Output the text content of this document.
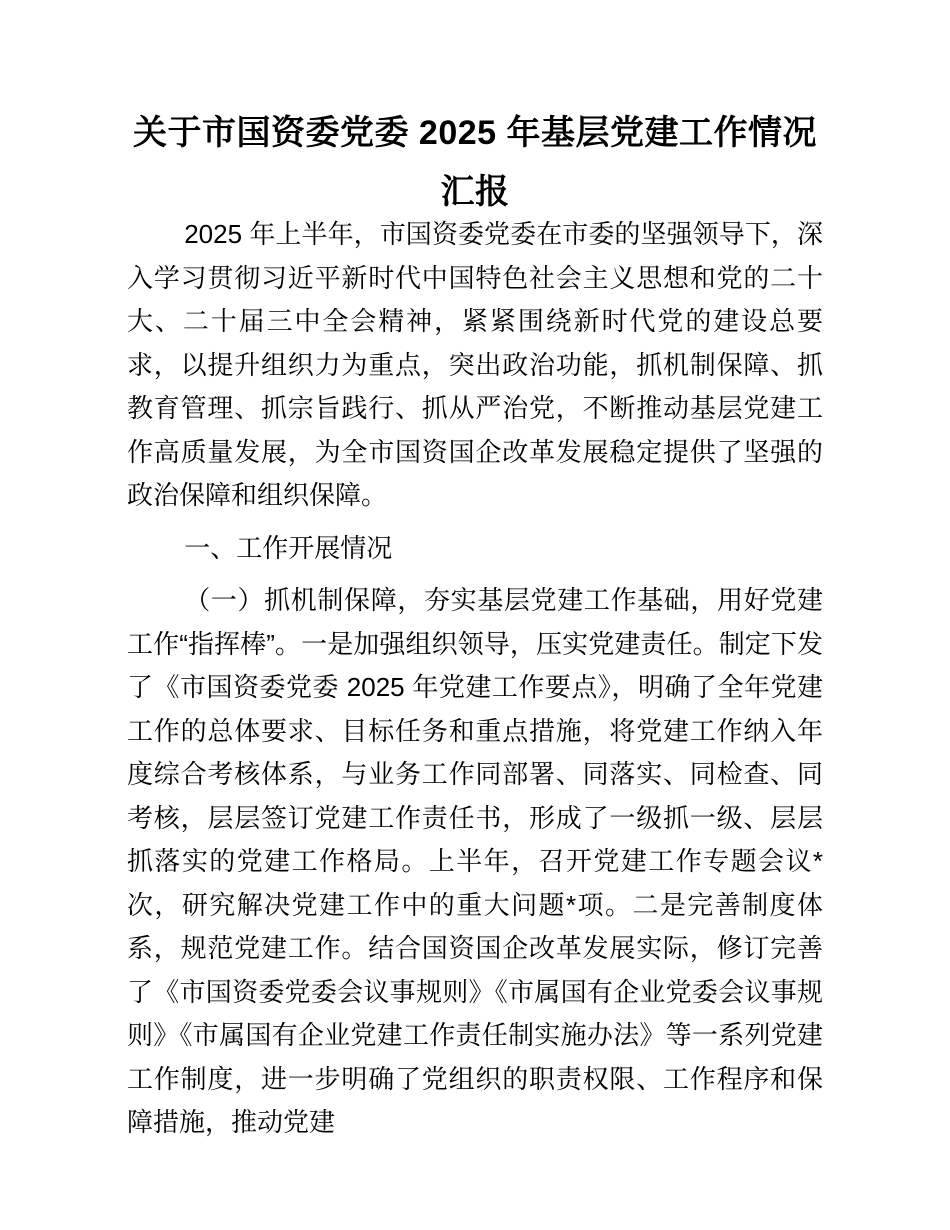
关于市国资委党委 2025 年基层党建工作情况汇报

2025 年上半年，市国资委党委在市委的坚强领导下，深入学习贯彻习近平新时代中国特色社会主义思想和党的二十大、二十届三中全会精神，紧紧围绕新时代党的建设总要求，以提升组织力为重点，突出政治功能，抓机制保障、抓教育管理、抓宗旨践行、抓从严治党，不断推动基层党建工作高质量发展，为全市国资国企改革发展稳定提供了坚强的政治保障和组织保障。

一、工作开展情况

（一）抓机制保障，夯实基层党建工作基础，用好党建工作“指挥棒”。一是加强组织领导，压实党建责任。制定下发了《市国资委党委 2025 年党建工作要点》，明确了全年党建工作的总体要求、目标任务和重点措施，将党建工作纳入年度综合考核体系，与业务工作同部署、同落实、同检查、同考核，层层签订党建工作责任书，形成了一级抓一级、层层抓落实的党建工作格局。上半年，召开党建工作专题会议*次，研究解决党建工作中的重大问题*项。二是完善制度体系，规范党建工作。结合国资国企改革发展实际，修订完善了《市国资委党委会议事规则》《市属国有企业党委会议事规则》《市属国有企业党建工作责任制实施办法》等一系列党建工作制度，进一步明确了党组织的职责权限、工作程序和保障措施，推动党建
